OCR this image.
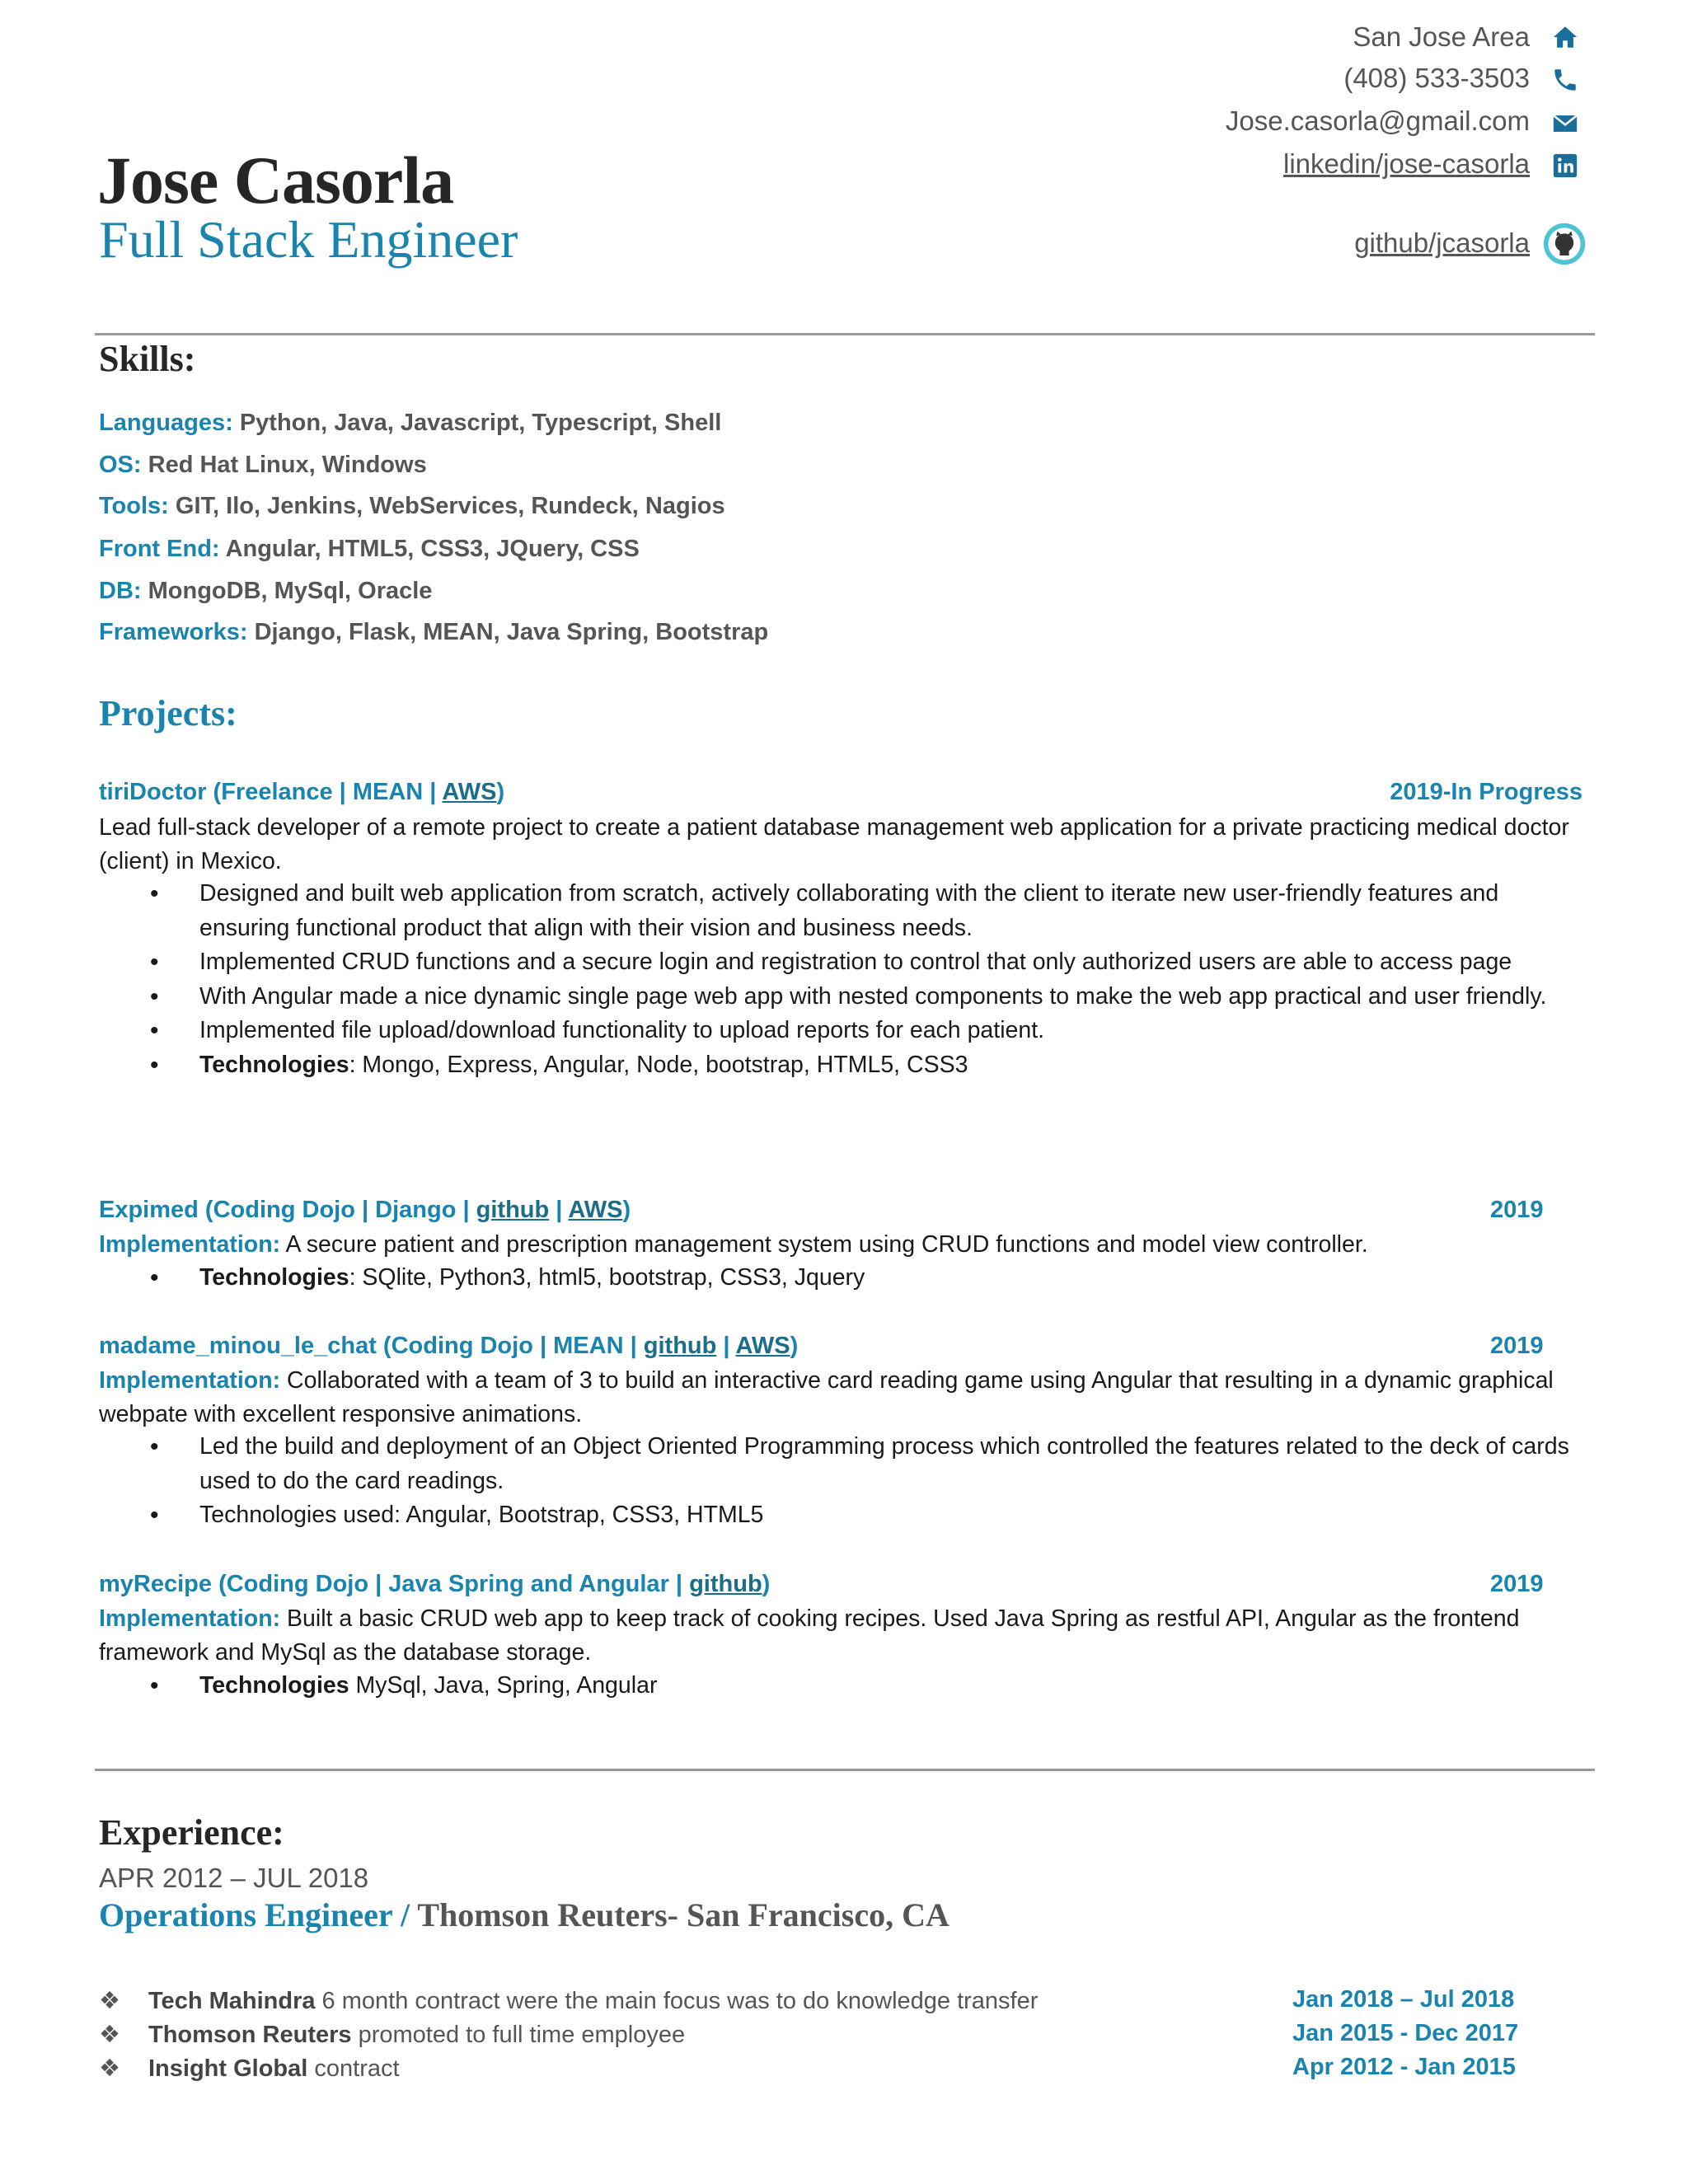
Jose Casorla
Full Stack Engineer
San Jose Area
(408) 533-3503
Jose.casorla@gmail.com
linkedin/jose-casorla
github/jcasorla
Skills:
Languages: Python, Java, Javascript, Typescript, Shell
OS: Red Hat Linux, Windows
Tools: GIT, Ilo, Jenkins, WebServices, Rundeck, Nagios
Front End: Angular, HTML5, CSS3, JQuery, CSS
DB: MongoDB, MySql, Oracle
Frameworks: Django, Flask, MEAN, Java Spring, Bootstrap
Projects:
tiriDoctor (Freelance | MEAN | AWS)	2019-In Progress
Lead full-stack developer of a remote project to create a patient database management web application for a private practicing medical doctor (client) in Mexico.
• Designed and built web application from scratch, actively collaborating with the client to iterate new user-friendly features and ensuring functional product that align with their vision and business needs.
• Implemented CRUD functions and a secure login and registration to control that only authorized users are able to access page
• With Angular made a nice dynamic single page web app with nested components to make the web app practical and user friendly.
• Implemented file upload/download functionality to upload reports for each patient.
• Technologies: Mongo, Express, Angular, Node, bootstrap, HTML5, CSS3
Expimed (Coding Dojo | Django | github | AWS)	2019
Implementation: A secure patient and prescription management system using CRUD functions and model view controller.
• Technologies: SQlite, Python3, html5, bootstrap, CSS3, Jquery
madame_minou_le_chat (Coding Dojo | MEAN | github | AWS)	2019
Implementation: Collaborated with a team of 3 to build an interactive card reading game using Angular that resulting in a dynamic graphical webpate with excellent responsive animations.
• Led the build and deployment of an Object Oriented Programming process which controlled the features related to the deck of cards used to do the card readings.
• Technologies used: Angular, Bootstrap, CSS3, HTML5
myRecipe (Coding Dojo | Java Spring and Angular | github)	2019
Implementation: Built a basic CRUD web app to keep track of cooking recipes. Used Java Spring as restful API, Angular as the frontend framework and MySql as the database storage.
• Technologies MySql, Java, Spring, Angular
Experience:
APR 2012 – JUL 2018
Operations Engineer / Thomson Reuters- San Francisco, CA
❖ Tech Mahindra 6 month contract were the main focus was to do knowledge transfer	Jan 2018 – Jul 2018
❖ Thomson Reuters promoted to full time employee	Jan 2015 - Dec 2017
❖ Insight Global contract	Apr 2012 - Jan 2015
